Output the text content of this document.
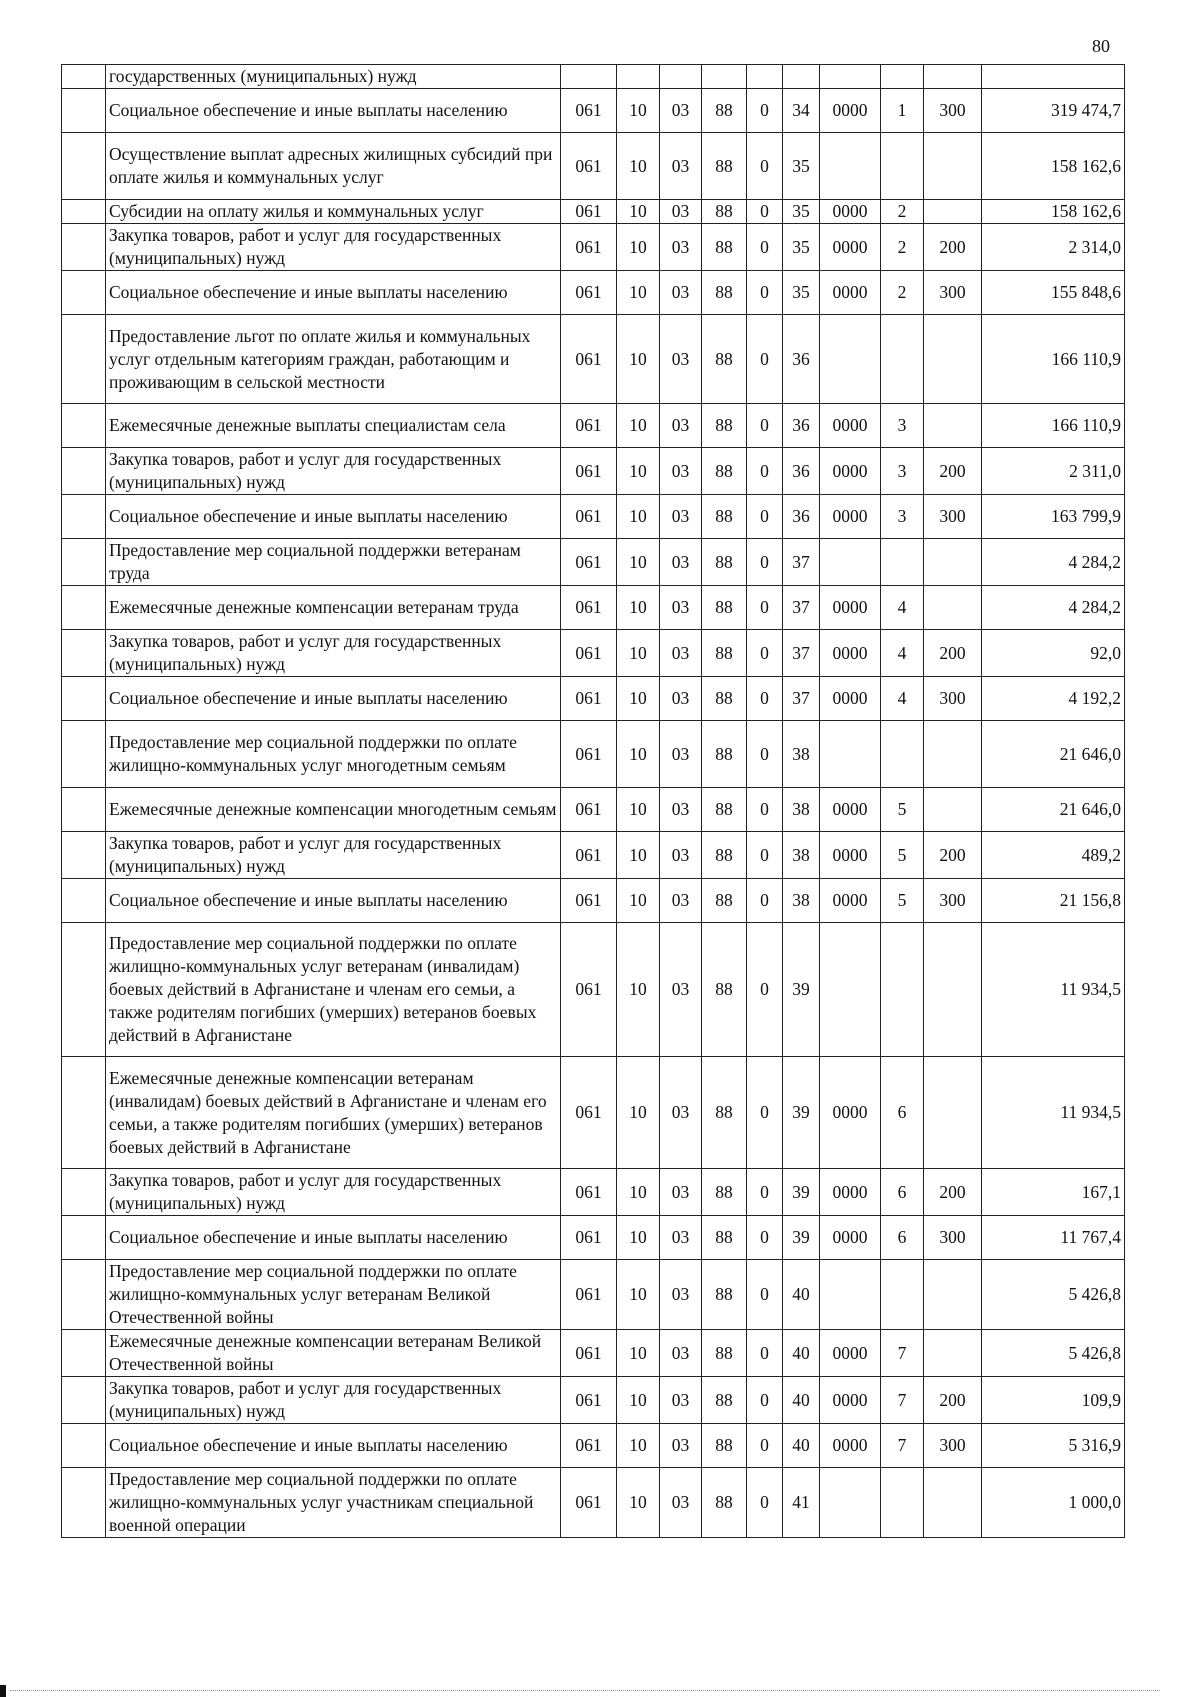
80
	государственных (муниципальных) нужд										
	Социальное обеспечение и иные выплаты населению	061	10	03	88	0	34	0000	1	300	319 474,7
	Осуществление выплат адресных жилищных субсидий при оплате жилья и коммунальных услуг	061	10	03	88	0	35				158 162,6
	Субсидии на оплату жилья и коммунальных услуг	061	10	03	88	0	35	0000	2		158 162,6
	Закупка товаров, работ и услуг для государственных (муниципальных) нужд	061	10	03	88	0	35	0000	2	200	2 314,0
	Социальное обеспечение и иные выплаты населению	061	10	03	88	0	35	0000	2	300	155 848,6
	Предоставление льгот по оплате жилья и коммунальных услуг отдельным категориям граждан, работающим и проживающим в сельской местности	061	10	03	88	0	36				166 110,9
	Ежемесячные денежные выплаты специалистам села	061	10	03	88	0	36	0000	3		166 110,9
	Закупка товаров, работ и услуг для государственных (муниципальных) нужд	061	10	03	88	0	36	0000	3	200	2 311,0
	Социальное обеспечение и иные выплаты населению	061	10	03	88	0	36	0000	3	300	163 799,9
	Предоставление мер социальной поддержки ветеранам труда	061	10	03	88	0	37				4 284,2
	Ежемесячные денежные компенсации ветеранам труда	061	10	03	88	0	37	0000	4		4 284,2
	Закупка товаров, работ и услуг для государственных (муниципальных) нужд	061	10	03	88	0	37	0000	4	200	92,0
	Социальное обеспечение и иные выплаты населению	061	10	03	88	0	37	0000	4	300	4 192,2
	Предоставление мер социальной поддержки по оплате жилищно-коммунальных услуг многодетным семьям	061	10	03	88	0	38				21 646,0
	Ежемесячные денежные компенсации многодетным семьям	061	10	03	88	0	38	0000	5		21 646,0
	Закупка товаров, работ и услуг для государственных (муниципальных) нужд	061	10	03	88	0	38	0000	5	200	489,2
	Социальное обеспечение и иные выплаты населению	061	10	03	88	0	38	0000	5	300	21 156,8
	Предоставление мер социальной поддержки по оплате жилищно-коммунальных услуг ветеранам (инвалидам) боевых действий в Афганистане и членам его семьи, а также родителям погибших (умерших) ветеранов боевых действий в Афганистане	061	10	03	88	0	39				11 934,5
	Ежемесячные денежные компенсации ветеранам (инвалидам) боевых действий в Афганистане и членам его семьи, а также родителям погибших (умерших) ветеранов боевых действий в Афганистане	061	10	03	88	0	39	0000	6		11 934,5
	Закупка товаров, работ и услуг для государственных (муниципальных) нужд	061	10	03	88	0	39	0000	6	200	167,1
	Социальное обеспечение и иные выплаты населению	061	10	03	88	0	39	0000	6	300	11 767,4
	Предоставление мер социальной поддержки по оплате жилищно-коммунальных услуг ветеранам Великой Отечественной войны	061	10	03	88	0	40				5 426,8
	Ежемесячные денежные компенсации ветеранам Великой Отечественной войны	061	10	03	88	0	40	0000	7		5 426,8
	Закупка товаров, работ и услуг для государственных (муниципальных) нужд	061	10	03	88	0	40	0000	7	200	109,9
	Социальное обеспечение и иные выплаты населению	061	10	03	88	0	40	0000	7	300	5 316,9
	Предоставление мер социальной поддержки по оплате жилищно-коммунальных услуг участникам специальной военной операции	061	10	03	88	0	41				1 000,0
